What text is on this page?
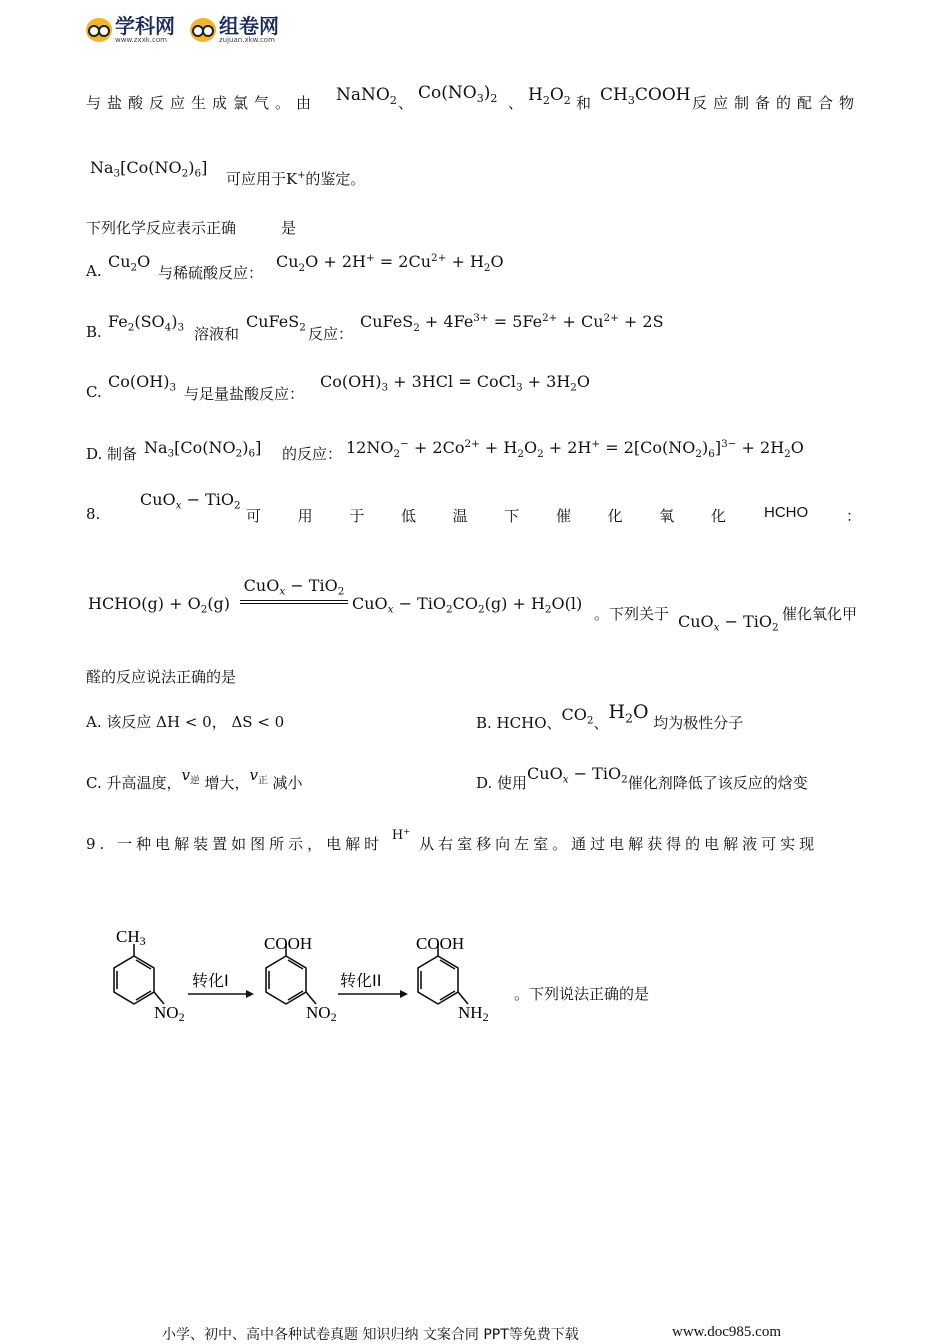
学科网
www.zxxk.com
组卷网
zujuan.xkw.com
与盐酸反应生成氯气。由 NaNO$_2$ 、 $Co(NO_3)_2$ 、 $H_2O_2$ 和 $CH_3COOH$ 反应制备的配合物
$Na_3[Co(NO_2)_6]$
可应用于K+的鉴定。
下列化学反应表示正确　　　是
A. $Cu_2O$
与稀硫酸反应：
$Cu_2O + 2H^+ = 2Cu^{2+} + H_2O$
B.
$Fe_2(SO_4)_3$ 溶液和
CuFeS$_2$ 反应：
CuFeS$_2$ + $4Fe^{3+} = 5Fe^{2+} + Cu^{2+} + 2S$
C.
$Co(OH)_3$ 与足量盐酸反应：
$Co(OH)_3 + 3HCl$ = CoCl$_3$ + $3H_2O$
D. 制备 $Na_3[Co(NO_2)_6]$ 的反应： $12NO_2^- + 2Co^{2+} + H_2O_2 + 2H^+ = 2[Co(NO_2)_6]^{3-} + 2H_2O$
8.
CuO$_x$ − TiO$_2$
可 用 于 低 温 下 催 化 氧 化	HCHO	：
HCHO(g) + $O_2(g)$
CuO$_x$ − TiO$_2$
$CuO_x - TiO_2CO_2(g) + H_2O(l)$
。下列关于 CuO$_x$ − TiO$_2$
催化氧化甲
醛的反应说法正确的是
A. 该反应 ΔH < 0， ΔS < 0	B. HCHO、$CO_2$、$H_2O$ 均为极性分子
C. 升高温度，$v_逆$ 增大，$v_正$ 减小	D. 使用CuO$_x$ − TiO$_2$催化剂降低了该反应的焓变
9. 一种电解装置如图所示，电解时 H+ 从右室移向左室。通过电解获得的电解液可实现
CH3
NO2
转化I
COOH
NO2
转化II
COOH
NH2
。下列说法正确的是
小学、初中、高中各种试卷真题 知识归纳 文案合同 PPT等免费下载	www.doc985.com
